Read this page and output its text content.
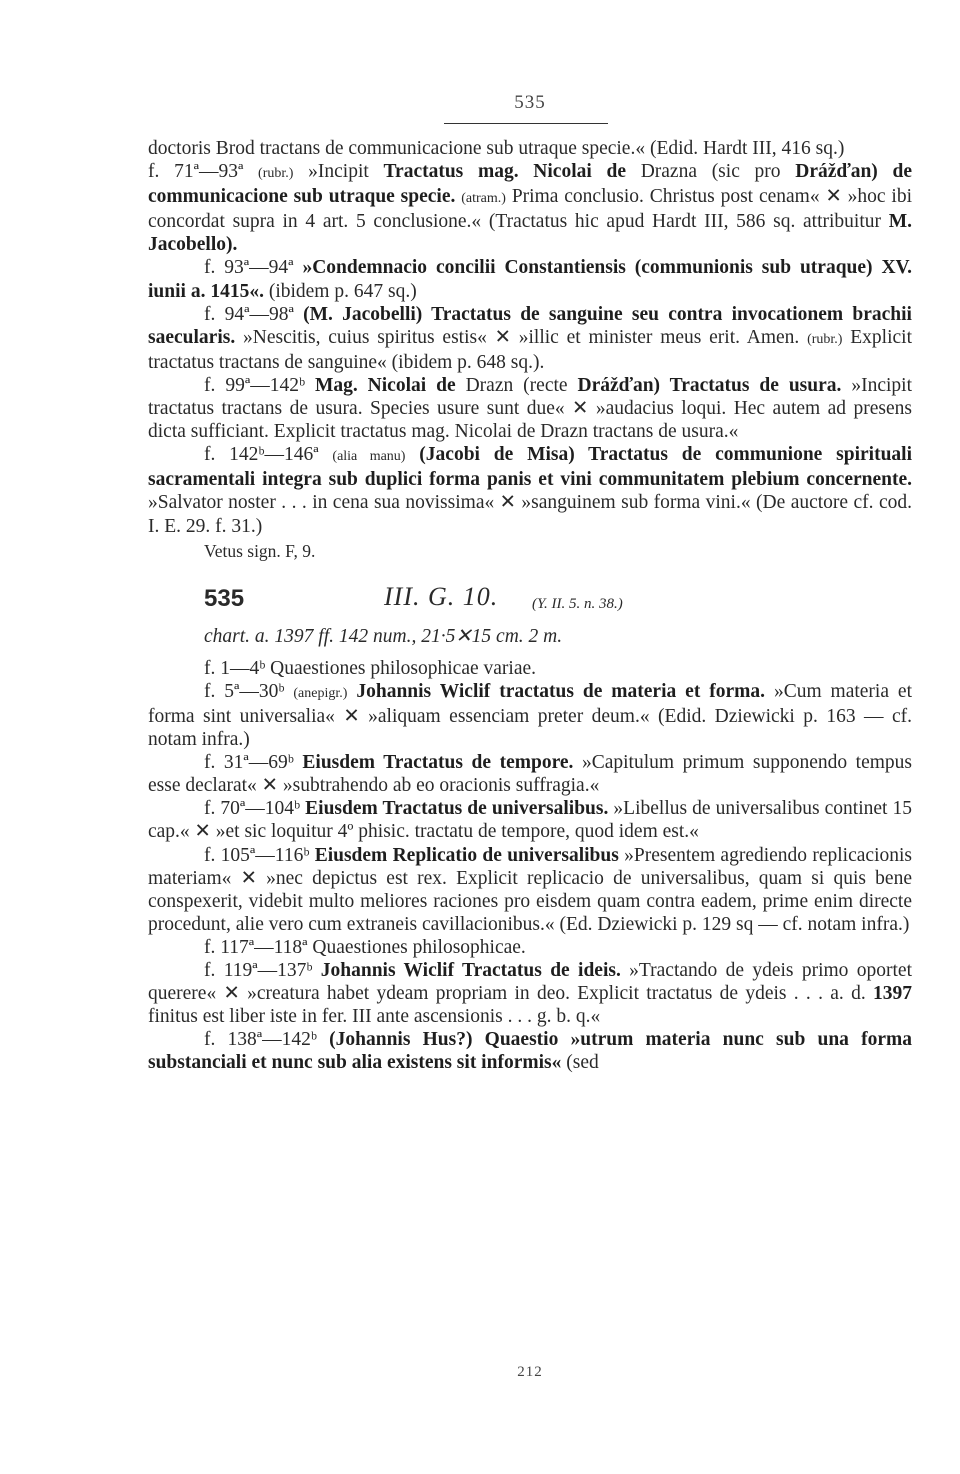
535

doctoris Brod tractans de communicacione sub utraque specie.« (Edid. Hardt III, 416 sq.)

f. 71ª—93ª (rubr.) »Incipit Tractatus mag. Nicolai de Drazna (sic pro Drážďan) de communicacione sub utraque specie. (atram.) Prima conclusio. Christus post cenam« ✕ »hoc ibi concordat supra in 4 art. 5 conclusione.« (Tractatus hic apud Hardt III, 586 sq. attribuitur M. Jacobello).

f. 93ª—94ª »Condemnacio concilii Constantiensis (communionis sub utraque) XV. iunii a. 1415«. (ibidem p. 647 sq.)

f. 94ª—98ª (M. Jacobelli) Tractatus de sanguine seu contra invocationem brachii saecularis. »Nescitis, cuius spiritus estis« ✕ »illic et minister meus erit. Amen. (rubr.) Explicit tractatus tractans de sanguine« (ibidem p. 648 sq.).

f. 99ª—142ᵇ Mag. Nicolai de Drazn (recte Drážďan) Tractatus de usura. »Incipit tractatus tractans de usura. Species usure sunt due« ✕ »audacius loqui. Hec autem ad presens dicta sufficiant. Explicit tractatus mag. Nicolai de Drazn tractans de usura.«

f. 142ᵇ—146ª (alia manu) (Jacobi de Misa) Tractatus de communione spirituali sacramentali integra sub duplici forma panis et vini communitatem plebium concernente. »Salvator noster . . . in cena sua novissima« ✕ »sanguinem sub forma vini.« (De auctore cf. cod. I. E. 29. f. 31.)

Vetus sign. F, 9.

535	III. G. 10. (Y. II. 5. n. 38.)

chart. a. 1397 ff. 142 num., 21·5✕15 cm. 2 m.

f. 1—4ᵇ Quaestiones philosophicae variae.

f. 5ª—30ᵇ (anepigr.) Johannis Wiclif tractatus de materia et forma. »Cum materia et forma sint universalia« ✕ »aliquam essenciam preter deum.« (Edid. Dziewicki p. 163 — cf. notam infra.)

f. 31ª—69ᵇ Eiusdem Tractatus de tempore. »Capitulum primum supponendo tempus esse declarat« ✕ »subtrahendo ab eo oracionis suffragia.«

f. 70ª—104ᵇ Eiusdem Tractatus de universalibus. »Libellus de universalibus continet 15 cap.« ✕ »et sic loquitur 4º phisic. tractatu de tempore, quod idem est.«

f. 105ª—116ᵇ Eiusdem Replicatio de universalibus »Presentem agrediendo replicacionis materiam« ✕ »nec depictus est rex. Explicit replicacio de universalibus, quam si quis bene conspexerit, videbit multo meliores raciones pro eisdem quam contra eadem, prime enim directe procedunt, alie vero cum extraneis cavillacionibus.« (Ed. Dziewicki p. 129 sq — cf. notam infra.)

f. 117ª—118ª Quaestiones philosophicae.

f. 119ª—137ᵇ Johannis Wiclif Tractatus de ideis. »Tractando de ydeis primo oportet querere« ✕ »creatura habet ydeam propriam in deo. Explicit tractatus de ydeis . . . a. d. 1397 finitus est liber iste in fer. III ante ascensionis . . . g. b. q.«

f. 138ª—142ᵇ (Johannis Hus?) Quaestio »utrum materia nunc sub una forma substanciali et nunc sub alia existens sit informis« (sed

212
